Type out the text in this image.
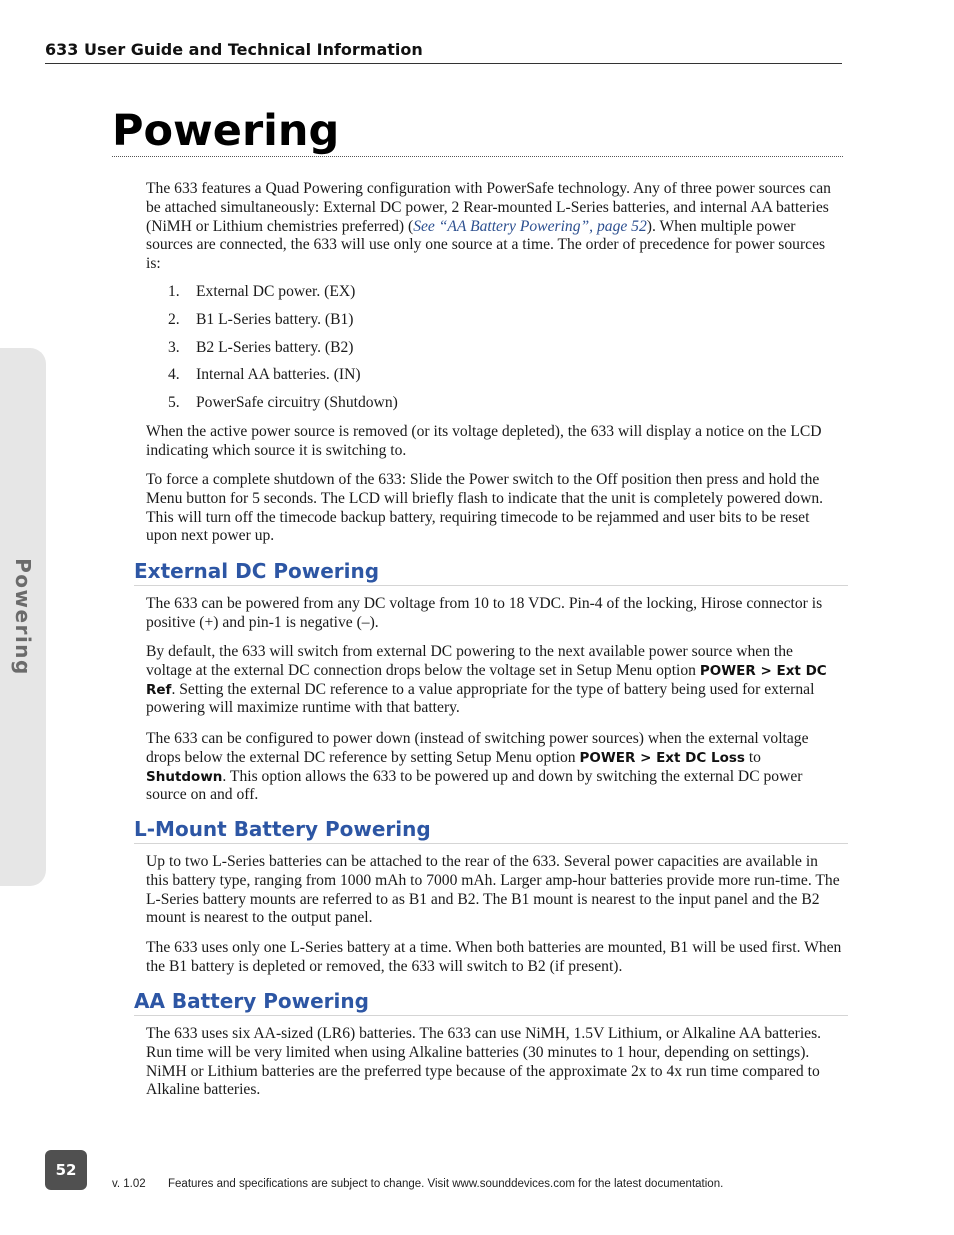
633 User Guide and Technical Information
Powering
Powering

The 633 features a Quad Powering configuration with PowerSafe technology. Any of three power sources can be attached simultaneously: External DC power, 2 Rear-mounted L-Series batteries, and internal AA batteries (NiMH or Lithium chemistries preferred) (See “AA Battery Powering”, page 52). When multiple power sources are connected, the 633 will use only one source at a time. The order of precedence for power sources is:

1.	External DC power. (EX)
2.	B1 L-Series battery. (B1)
3.	B2 L-Series battery. (B2)
4.	Internal AA batteries. (IN)
5.	PowerSafe circuitry (Shutdown)

When the active power source is removed (or its voltage depleted), the 633 will display a notice on the LCD indicating which source it is switching to.

To force a complete shutdown of the 633: Slide the Power switch to the Off position then press and hold the Menu button for 5 seconds. The LCD will briefly flash to indicate that the unit is completely powered down. This will turn off the timecode backup battery, requiring timecode to be rejammed and user bits to be reset upon next power up.

External DC Powering

The 633 can be powered from any DC voltage from 10 to 18 VDC. Pin-4 of the locking, Hirose connector is positive (+) and pin-1 is negative (–).

By default, the 633 will switch from external DC powering to the next available power source when the voltage at the external DC connection drops below the voltage set in Setup Menu option POWER > Ext DC Ref. Setting the external DC reference to a value appropriate for the type of battery being used for external powering will maximize runtime with that battery.

The 633 can be configured to power down (instead of switching power sources) when the external voltage drops below the external DC reference by setting Setup Menu option POWER > Ext DC Loss to Shutdown. This option allows the 633 to be powered up and down by switching the external DC power source on and off.

L-Mount Battery Powering

Up to two L-Series batteries can be attached to the rear of the 633. Several power capacities are available in this battery type, ranging from 1000 mAh to 7000 mAh. Larger amp-hour batteries provide more run-time. The L-Series battery mounts are referred to as B1 and B2. The B1 mount is nearest to the input panel and the B2 mount is nearest to the output panel.

The 633 uses only one L-Series battery at a time. When both batteries are mounted, B1 will be used first. When the B1 battery is depleted or removed, the 633 will switch to B2 (if present).

AA Battery Powering

The 633 uses six AA-sized (LR6) batteries. The 633 can use NiMH, 1.5V Lithium, or Alkaline AA batteries. Run time will be very limited when using Alkaline batteries (30 minutes to 1 hour, depending on settings). NiMH or Lithium batteries are the preferred type because of the approximate 2x to 4x run time compared to Alkaline batteries.

52
v. 1.02 Features and specifications are subject to change. Visit www.sounddevices.com for the latest documentation.
